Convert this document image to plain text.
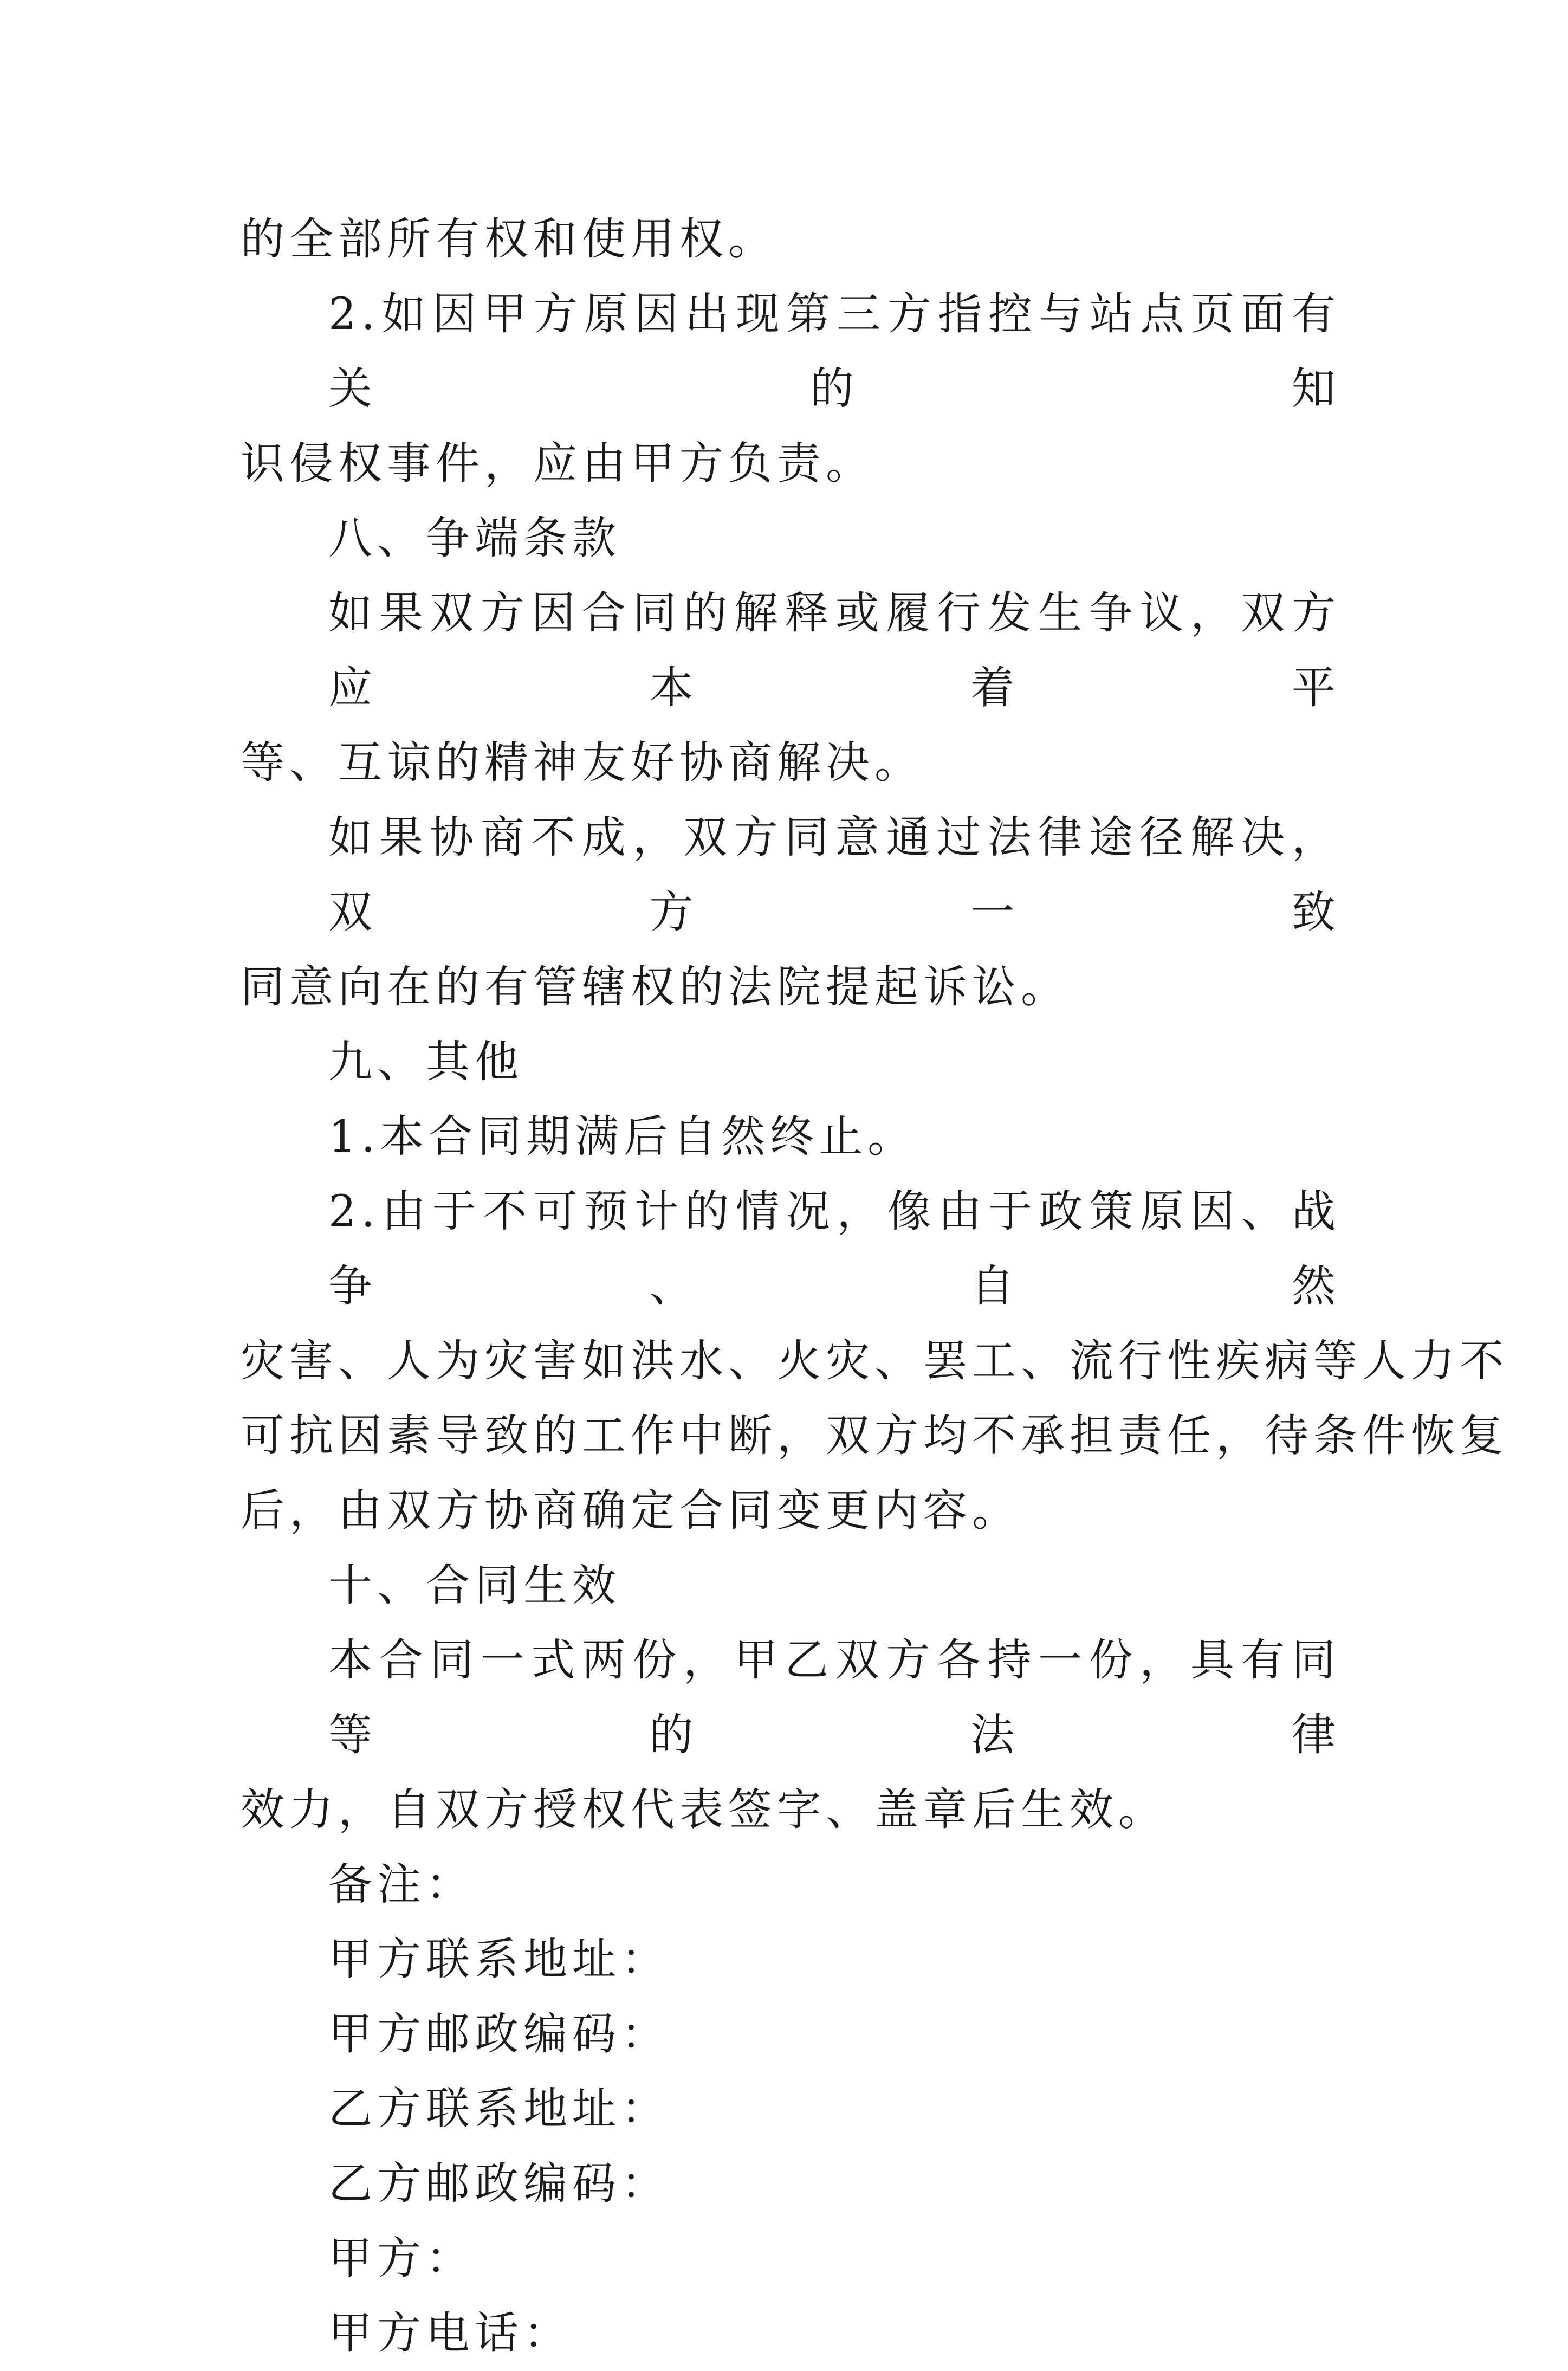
的全部所有权和使用权。
2.如因甲方原因出现第三方指控与站点页面有关的知
识侵权事件，应由甲方负责。
八、争端条款
如果双方因合同的解释或履行发生争议，双方应本着平
等、互谅的精神友好协商解决。
如果协商不成，双方同意通过法律途径解决，双方一致
同意向在的有管辖权的法院提起诉讼。
九、其他
1.本合同期满后自然终止。
2.由于不可预计的情况，像由于政策原因、战争、自然
灾害、人为灾害如洪水、火灾、罢工、流行性疾病等人力不
可抗因素导致的工作中断，双方均不承担责任，待条件恢复
后，由双方协商确定合同变更内容。
十、合同生效
本合同一式两份，甲乙双方各持一份，具有同等的法律
效力，自双方授权代表签字、盖章后生效。
备注：
甲方联系地址：
甲方邮政编码：
乙方联系地址：
乙方邮政编码：
甲方：
甲方电话：
